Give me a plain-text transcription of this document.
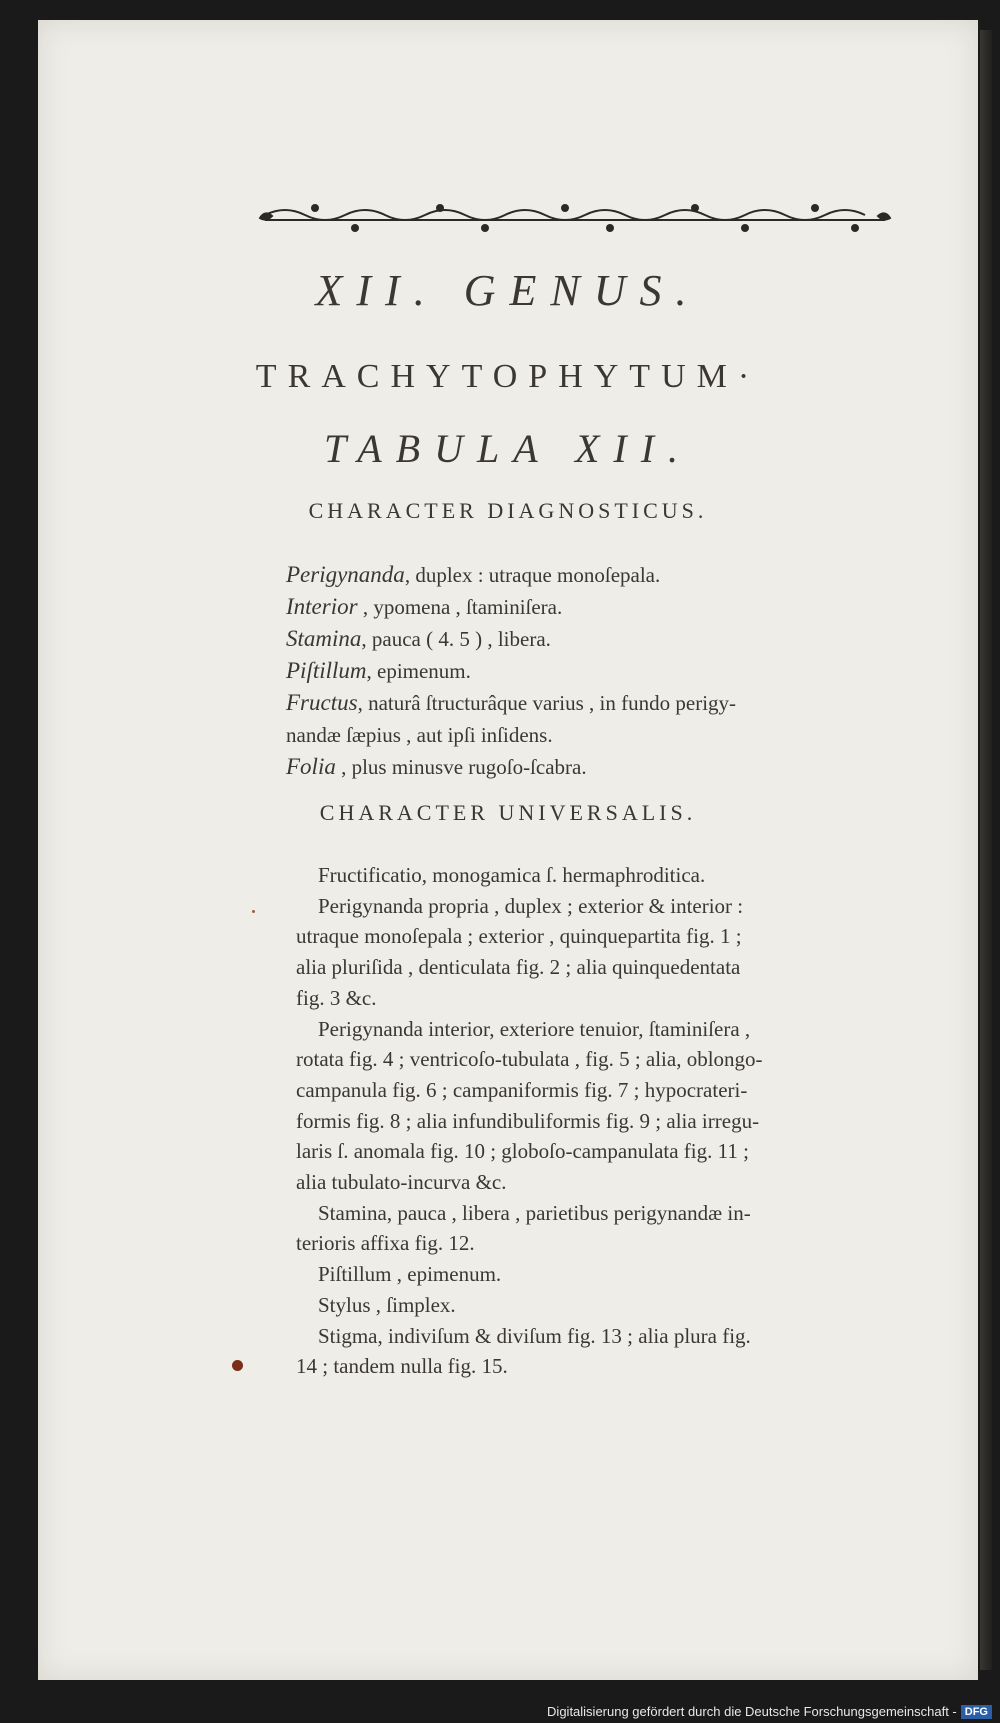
XII. GENUS.
TRACHYTOPHYTUM·
TABULA XII.
CHARACTER DIAGNOSTICUS.
Perigynanda, duplex : utraque monoſepala.
Interior , ypomena , ſtaminiſera.
Stamina, pauca ( 4. 5 ) , libera.
Piſtillum, epimenum.
Fructus, naturâ ſtructurâque varius , in fundo perigy-
nandæ ſæpius , aut ipſi inſidens.
Folia , plus minusve rugoſo-ſcabra.
CHARACTER UNIVERSALIS.
Fructificatio, monogamica ſ. hermaphroditica.
Perigynanda propria , duplex ; exterior & interior :
utraque monoſepala ; exterior , quinquepartita fig. 1 ;
alia pluriſida , denticulata fig. 2 ; alia quinquedentata
fig. 3 &c.
Perigynanda interior, exteriore tenuior, ſtaminiſera ,
rotata fig. 4 ; ventricoſo-tubulata , fig. 5 ; alia, oblongo-
campanula fig. 6 ; campaniformis fig. 7 ; hypocrateri-
formis fig. 8 ; alia infundibuliformis fig. 9 ; alia irregu-
laris ſ. anomala fig. 10 ; globoſo-campanulata fig. 11 ;
alia tubulato-incurva &c.
Stamina, pauca , libera , parietibus perigynandæ in-
terioris affixa fig. 12.
Piſtillum , epimenum.
Stylus , ſimplex.
Stigma, indiviſum & diviſum fig. 13 ; alia plura fig.
14 ; tandem nulla fig. 15.
Digitalisierung gefördert durch die Deutsche Forschungsgemeinschaft - DFG
